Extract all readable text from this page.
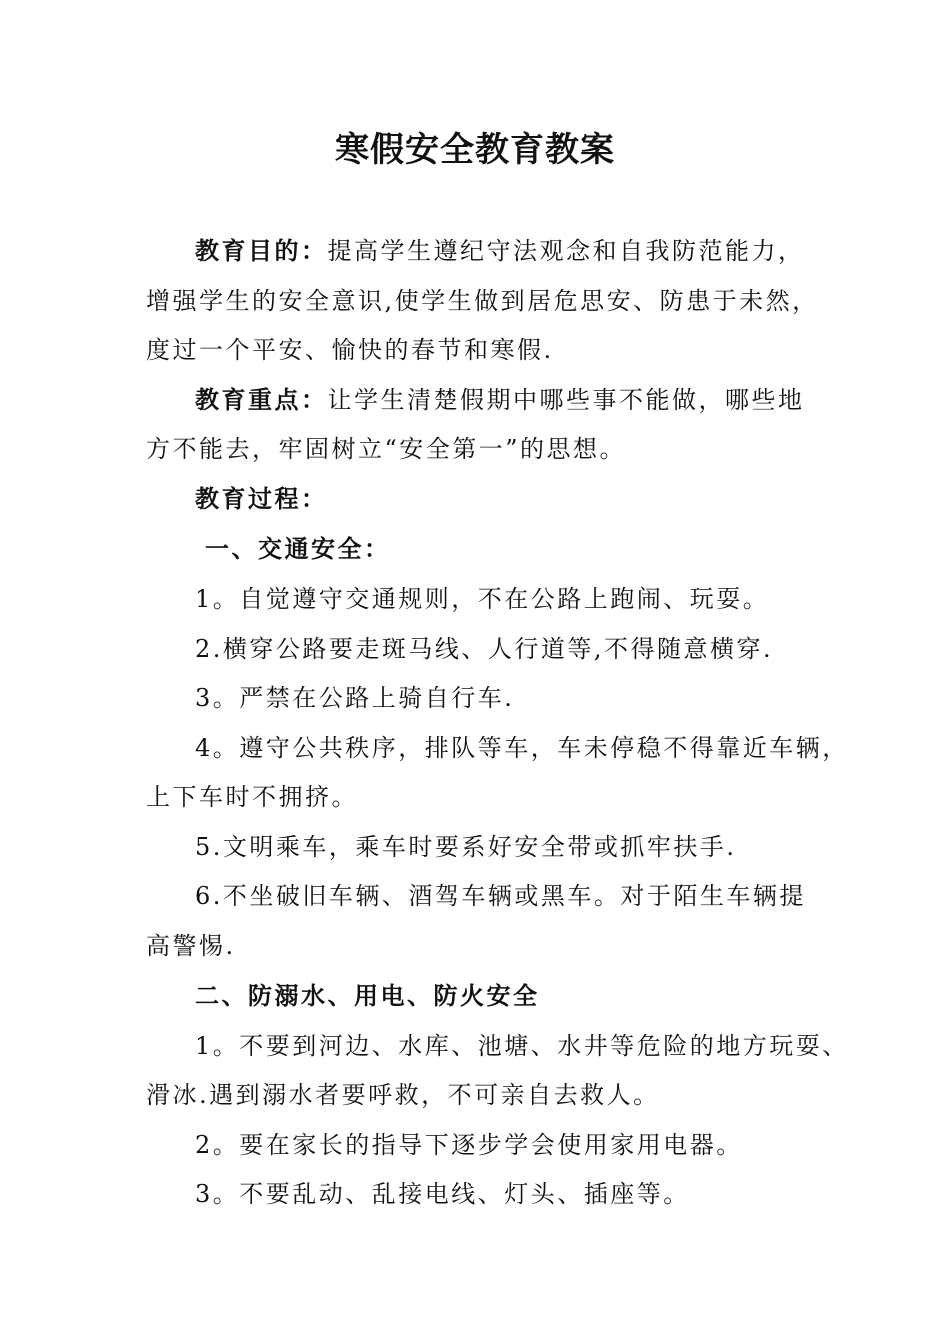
寒假安全教育教案
教育目的：提高学生遵纪守法观念和自我防范能力，
增强学生的安全意识,使学生做到居危思安、防患于未然，
度过一个平安、愉快的春节和寒假.
教育重点：让学生清楚假期中哪些事不能做，哪些地
方不能去，牢固树立“安全第一”的思想。
教育过程：
一、交通安全：
1。自觉遵守交通规则，不在公路上跑闹、玩耍。
2.横穿公路要走斑马线、人行道等,不得随意横穿.
3。严禁在公路上骑自行车.
4。遵守公共秩序，排队等车，车未停稳不得靠近车辆，
上下车时不拥挤。
5.文明乘车，乘车时要系好安全带或抓牢扶手.
6.不坐破旧车辆、酒驾车辆或黑车。对于陌生车辆提
高警惕.
二、防溺水、用电、防火安全
1。不要到河边、水库、池塘、水井等危险的地方玩耍、
滑冰.遇到溺水者要呼救，不可亲自去救人。
2。要在家长的指导下逐步学会使用家用电器。
3。不要乱动、乱接电线、灯头、插座等。
